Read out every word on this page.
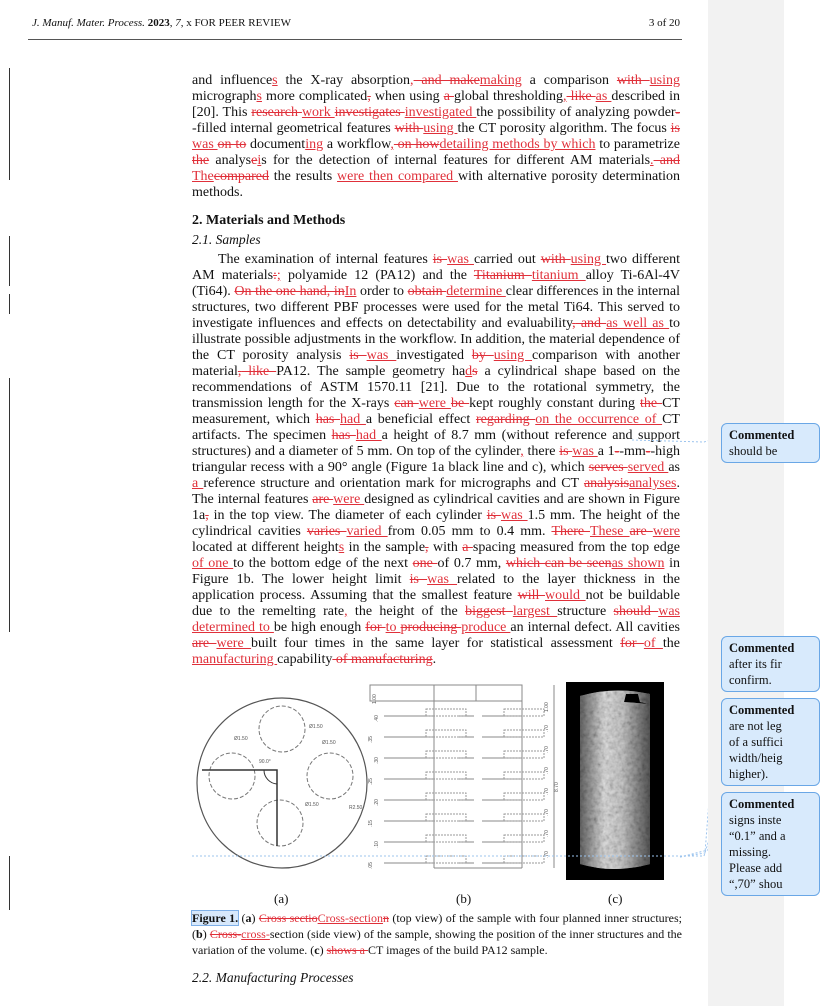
J. Manuf. Mater. Process. 2023, 7, x FOR PEER REVIEW	3 of 20
and influences the X-ray absorption, and makemaking a comparison with using micrographs more complicated, when using a global thresholding, like as described in [20]. This research work investigates investigated the possibility of analyzing powder--filled internal geometrical features with using the CT porosity algorithm. The focus is was on to documenting a workflow, on howdetailing methods by which to parametrize the analyseis for the detection of internal features for different AM materials. and Thecompared the results were then compared with alternative porosity determination methods.
2. Materials and Methods
2.1. Samples
The examination of internal features is was carried out with using two different AM materials:; polyamide 12 (PA12) and the Titanium titanium alloy Ti-6Al-4V (Ti64). On the one hand, inIn order to obtain determine clear differences in the internal structures, two different PBF processes were used for the metal Ti64. This served to investigate influences and effects on detectability and evaluability, and as well as to illustrate possible adjustments in the workflow. In addition, the material dependence of the CT porosity analysis is was investigated by using comparison with another material, like PA12. The sample geometry hads a cylindrical shape based on the recommendations of ASTM 1570.11 [21]. Due to the rotational symmetry, the transmission length for the X-rays can were be kept roughly constant during the CT measurement, which has had a beneficial effect regarding on the occurrence of CT artifacts. The specimen has had a height of 8.7 mm (without reference and support structures) and a diameter of 5 mm. On top of the cylinder, there is was a 1--mm--high triangular recess with a 90° angle (Figure 1a black line and c), which serves served as a reference structure and orientation mark for micrographs and CT analysisanalyses. The internal features are were designed as cylindrical cavities and are shown in Figure 1a, in the top view. The diameter of each cylinder is was 1.5 mm. The height of the cylindrical cavities varies varied from 0.05 mm to 0.4 mm. There These are were located at different heights in the sample, with a spacing measured from the top edge of one to the bottom edge of the next one of 0.7 mm, which can be seenas shown in Figure 1b. The lower height limit is was related to the layer thickness in the application process. Assuming that the smallest feature will would not be buildable due to the remelting rate, the height of the biggest largest structure should was determined to be high enough for to producing produce an internal defect. All cavities are were built four times in the same layer for statistical assessment for of the manufacturing capability of manufacturing.
90.0°
Ø1.50
Ø1.50
Ø1.50
Ø1.50	R2.50
(a)
1.00
1.00
8.70
.40
.70
.35
.70
.30
.70
.25
.70
.20
.70
.15
.70
.10
.70
.05
(b)	(c)
Figure 1. (a) Cross sectioCross-sectionn (top view) of the sample with four planned inner structures; (b) Cross-cross-section (side view) of the sample, showing the position of the inner structures and the variation of the volume. (c) shows a CT images of the build PA12 sample.
2.2. Manufacturing Processes
Commented
should be
Commented
after its fir
confirm.
Commented
are not leg
of a suffici
width/heig
higher).
Commented
signs inste
“0.1” and a
missing.
Please add
“,70” shou
